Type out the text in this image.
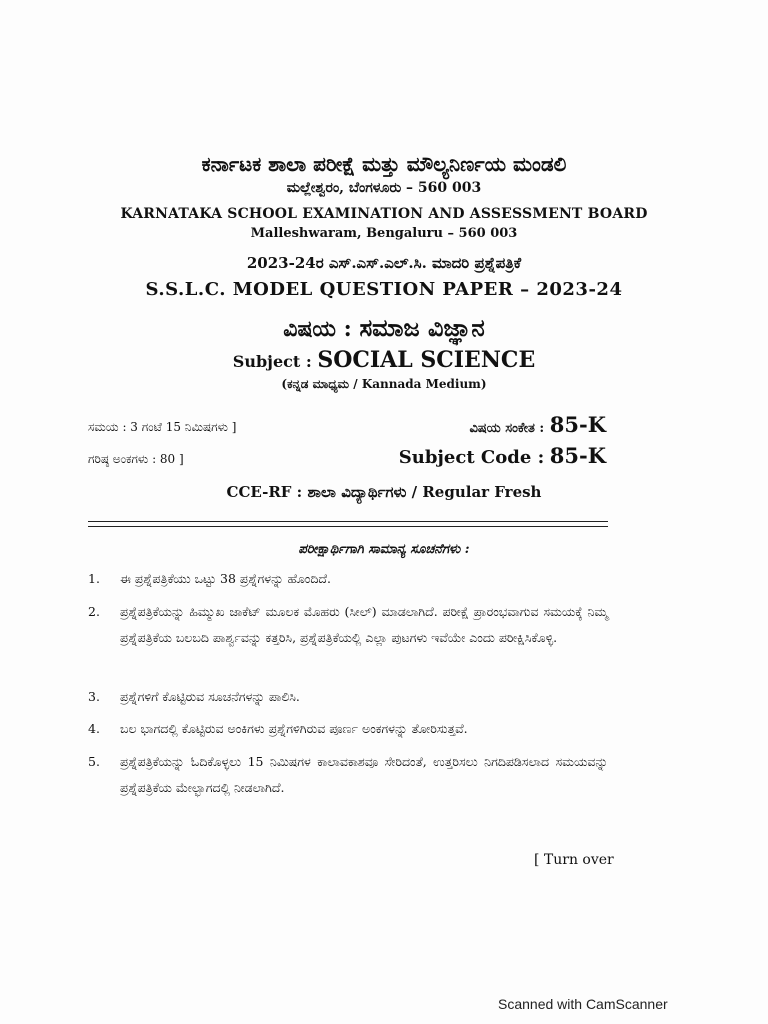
ಕರ್ನಾಟಕ ಶಾಲಾ ಪರೀಕ್ಷೆ ಮತ್ತು ಮೌಲ್ಯನಿರ್ಣಯ ಮಂಡಲಿ
ಮಲ್ಲೇಶ್ವರಂ, ಬೆಂಗಳೂರು – 560 003
KARNATAKA SCHOOL EXAMINATION AND ASSESSMENT BOARD
Malleshwaram, Bengaluru – 560 003
2023-24ರ ಎಸ್.ಎಸ್.ಎಲ್.ಸಿ. ಮಾದರಿ ಪ್ರಶ್ನೆಪತ್ರಿಕೆ
S.S.L.C. MODEL QUESTION PAPER – 2023-24
ವಿಷಯ : ಸಮಾಜ ವಿಜ್ಞಾನ
Subject : SOCIAL SCIENCE
(ಕನ್ನಡ ಮಾಧ್ಯಮ / Kannada Medium)
ಸಮಯ : 3 ಗಂಟೆ 15 ನಿಮಿಷಗಳು ]
ಗರಿಷ್ಠ ಅಂಕಗಳು : 80 ]
ವಿಷಯ ಸಂಕೇತ : 85-K
Subject Code : 85-K
CCE-RF : ಶಾಲಾ ವಿದ್ಯಾರ್ಥಿಗಳು / Regular Fresh
ಪರೀಕ್ಷಾರ್ಥಿಗಾಗಿ ಸಾಮಾನ್ಯ ಸೂಚನೆಗಳು :
1.	ಈ ಪ್ರಶ್ನೆಪತ್ರಿಕೆಯು ಒಟ್ಟು 38 ಪ್ರಶ್ನೆಗಳನ್ನು ಹೊಂದಿದೆ.
2.	ಪ್ರಶ್ನೆಪತ್ರಿಕೆಯನ್ನು ಹಿಮ್ಮುಖ ಜಾಕೆಟ್ ಮೂಲಕ ಮೊಹರು (ಸೀಲ್) ಮಾಡಲಾಗಿದೆ. ಪರೀಕ್ಷೆ ಪ್ರಾರಂಭವಾಗುವ ಸಮಯಕ್ಕೆ ನಿಮ್ಮ ಪ್ರಶ್ನೆಪತ್ರಿಕೆಯ ಬಲಬದಿ ಪಾರ್ಶ್ವವನ್ನು ಕತ್ತರಿಸಿ, ಪ್ರಶ್ನೆಪತ್ರಿಕೆಯಲ್ಲಿ ಎಲ್ಲಾ ಪುಟಗಳು ಇವೆಯೇ ಎಂದು ಪರೀಕ್ಷಿಸಿಕೊಳ್ಳಿ.
3.	ಪ್ರಶ್ನೆಗಳಿಗೆ ಕೊಟ್ಟಿರುವ ಸೂಚನೆಗಳನ್ನು ಪಾಲಿಸಿ.
4.	ಬಲ ಭಾಗದಲ್ಲಿ ಕೊಟ್ಟಿರುವ ಅಂಕಿಗಳು ಪ್ರಶ್ನೆಗಳಿಗಿರುವ ಪೂರ್ಣ ಅಂಕಗಳನ್ನು ತೋರಿಸುತ್ತವೆ.
5.	ಪ್ರಶ್ನೆಪತ್ರಿಕೆಯನ್ನು ಓದಿಕೊಳ್ಳಲು 15 ನಿಮಿಷಗಳ ಕಾಲಾವಕಾಶವೂ ಸೇರಿದಂತೆ, ಉತ್ತರಿಸಲು ನಿಗದಿಪಡಿಸಲಾದ ಸಮಯವನ್ನು ಪ್ರಶ್ನೆಪತ್ರಿಕೆಯ ಮೇಲ್ಭಾಗದಲ್ಲಿ ನೀಡಲಾಗಿದೆ.
[ Turn over
Scanned with CamScanner
